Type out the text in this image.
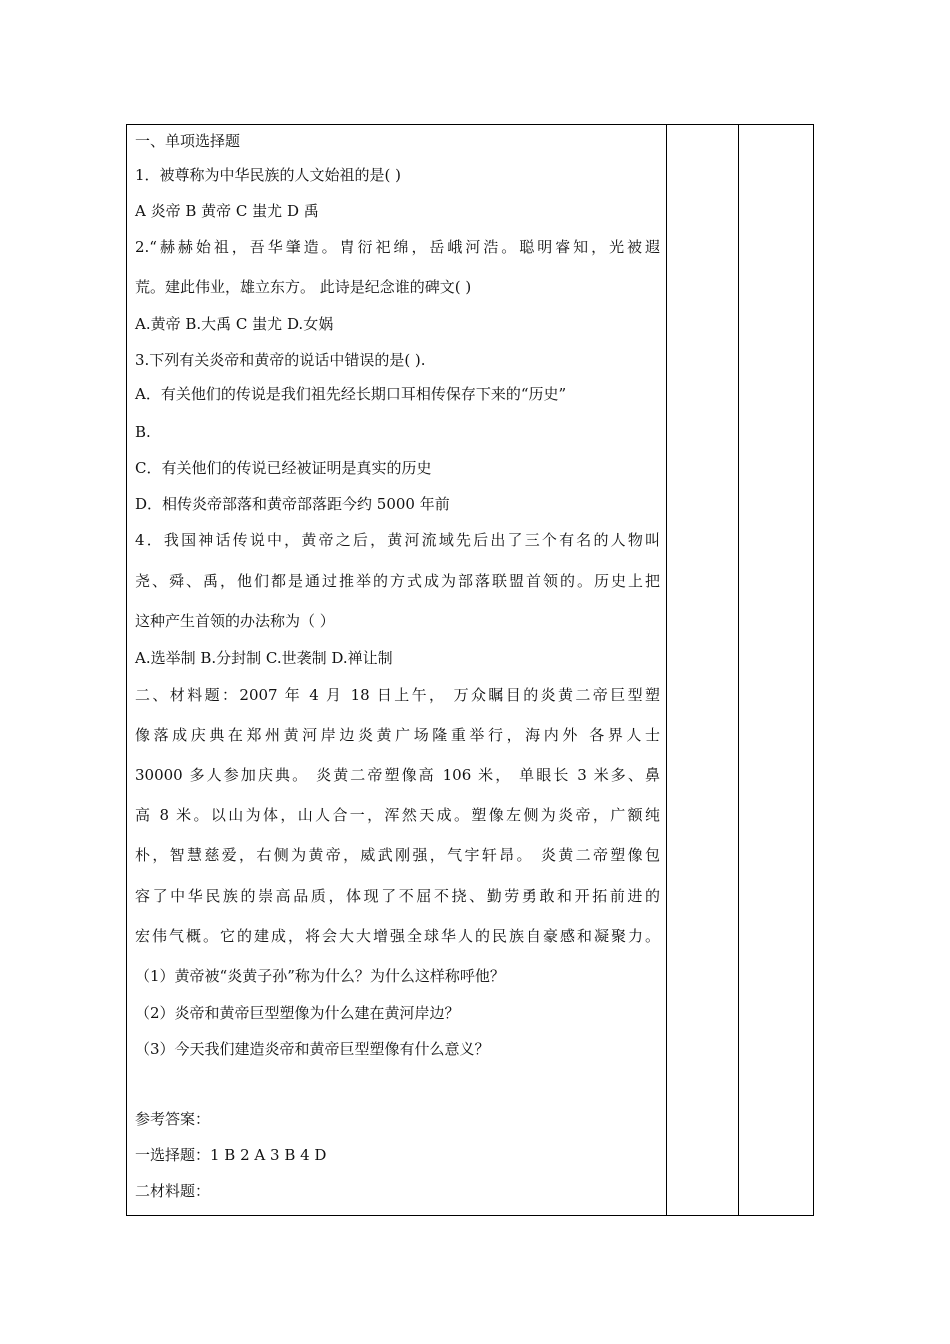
一、单项选择题
1．被尊称为中华民族的人文始祖的是( )
A 炎帝 B 黄帝 C 蚩尤 D 禹
2.“赫赫始祖，吾华肇造。胄衍祀绵，岳峨河浩。聪明睿知，光被遐
荒。建此伟业，雄立东方。 此诗是纪念谁的碑文( )
A.黄帝 B.大禹 C 蚩尤 D.女娲
3.下列有关炎帝和黄帝的说话中错误的是( ).
A．有关他们的传说是我们祖先经长期口耳相传保存下来的“历史”
B.
C．有关他们的传说已经被证明是真实的历史
D．相传炎帝部落和黄帝部落距今约 5000 年前
4．我国神话传说中，黄帝之后，黄河流域先后出了三个有名的人物叫
尧、舜、禹，他们都是通过推举的方式成为部落联盟首领的。历史上把
这种产生首领的办法称为（ ）
A.选举制 B.分封制 C.世袭制 D.禅让制
二、材料题：2007 年 4 月 18 日上午， 万众瞩目的炎黄二帝巨型塑
像落成庆典在郑州黄河岸边炎黄广场隆重举行，海内外 各界人士
30000 多人参加庆典。 炎黄二帝塑像高 106 米， 单眼长 3 米多、鼻
高 8 米。以山为体，山人合一，浑然天成。塑像左侧为炎帝，广额纯
朴，智慧慈爱，右侧为黄帝，威武刚强，气宇轩昂。 炎黄二帝塑像包
容了中华民族的崇高品质，体现了不屈不挠、勤劳勇敢和开拓前进的
宏伟气概。它的建成，将会大大增强全球华人的民族自豪感和凝聚力。
（1）黄帝被“炎黄子孙”称为什么？为什么这样称呼他？
（2）炎帝和黄帝巨型塑像为什么建在黄河岸边？
（3）今天我们建造炎帝和黄帝巨型塑像有什么意义？
参考答案：
一选择题：1 B 2 A 3 B 4 D
二材料题：
